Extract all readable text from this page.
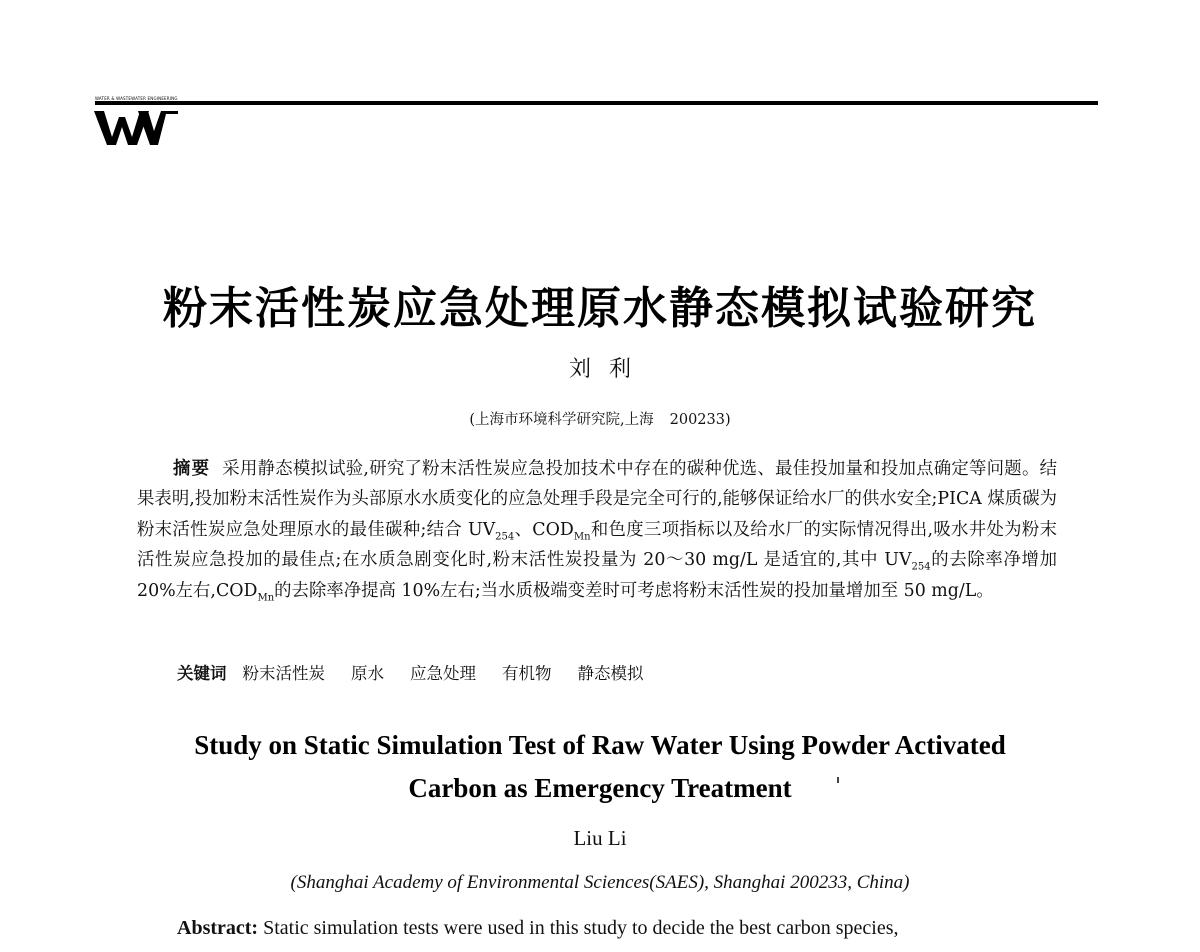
WATER & WASTEWATER ENGINEERING
粉末活性炭应急处理原水静态模拟试验研究
刘 利
(上海市环境科学研究院,上海 200233)

摘要 采用静态模拟试验,研究了粉末活性炭应急投加技术中存在的碳种优选、最佳投加量和投加点确定等问题。结果表明,投加粉末活性炭作为头部原水水质变化的应急处理手段是完全可行的,能够保证给水厂的供水安全;PICA 煤质碳为粉末活性炭应急处理原水的最佳碳种;结合 $UV_{254}$、$COD_{Mn}$和色度三项指标以及给水厂的实际情况得出,吸水井处为粉末活性炭应急投加的最佳点;在水质急剧变化时,粉末活性炭投量为 20～30 mg/L 是适宜的,其中 $UV_{254}$的去除率净增加 20%左右$,COD_{Mn}$的去除率净提高 10%左右;当水质极端变差时可考虑将粉末活性炭的投加量增加至 50 mg/L。

关键词 粉末活性炭 原水 应急处理 有机物 静态模拟
Study on Static Simulation Test of Raw Water Using Powder Activated
Carbon as Emergency Treatment
Liu Li
(Shanghai Academy of Environmental Sciences(SAES), Shanghai 200233, China)
Abstract: Static simulation tests were used in this study to decide the best carbon species,
